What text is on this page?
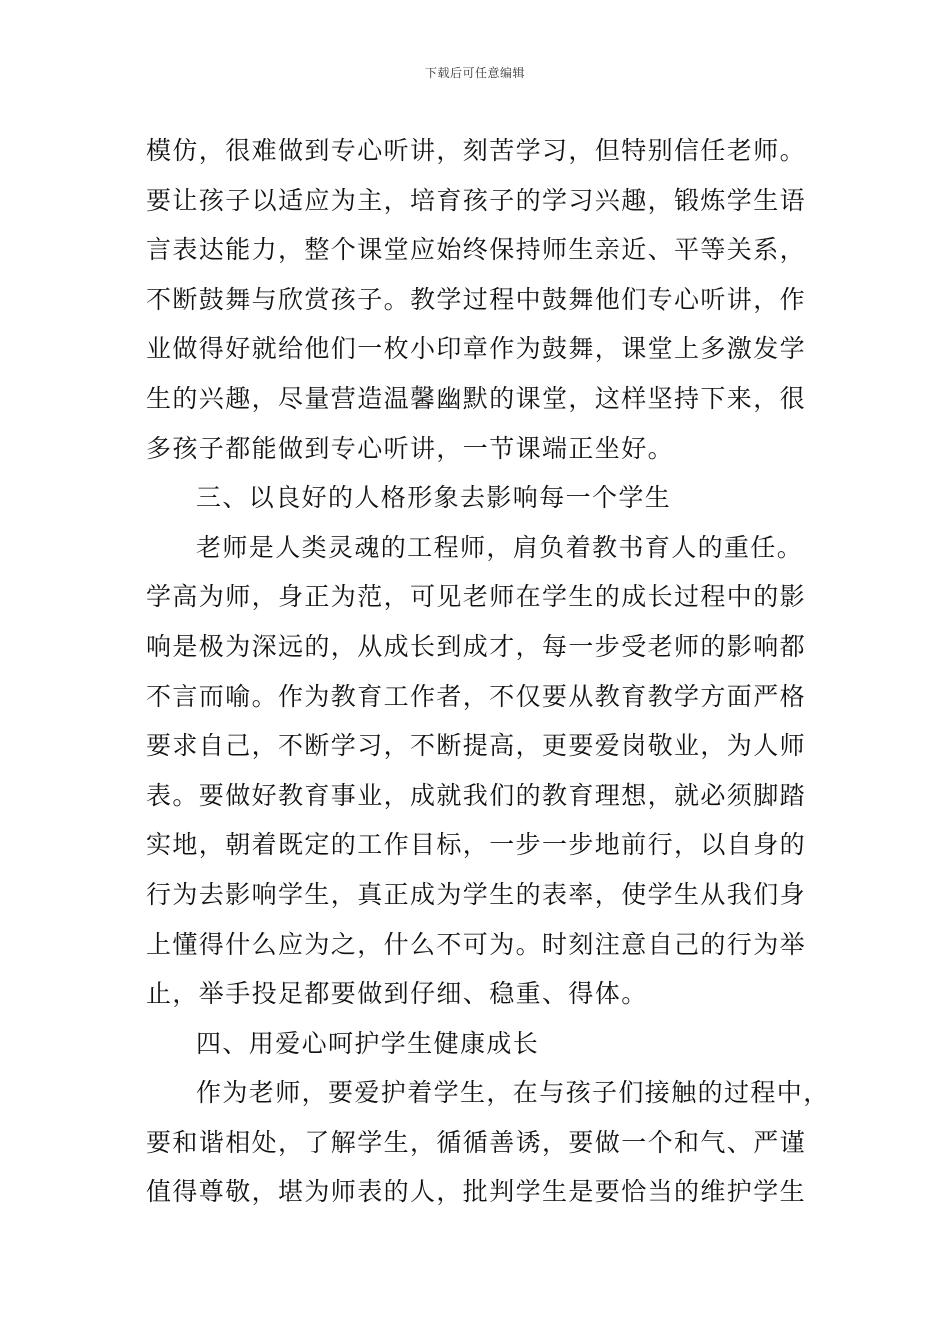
下载后可任意编辑
模仿，很难做到专心听讲，刻苦学习，但特别信任老师。
要让孩子以适应为主，培育孩子的学习兴趣，锻炼学生语
言表达能力，整个课堂应始终保持师生亲近、平等关系，
不断鼓舞与欣赏孩子。教学过程中鼓舞他们专心听讲，作
业做得好就给他们一枚小印章作为鼓舞，课堂上多激发学
生的兴趣，尽量营造温馨幽默的课堂，这样坚持下来，很
多孩子都能做到专心听讲，一节课端正坐好。
三、以良好的人格形象去影响每一个学生
老师是人类灵魂的工程师，肩负着教书育人的重任。
学高为师，身正为范，可见老师在学生的成长过程中的影
响是极为深远的，从成长到成才，每一步受老师的影响都
不言而喻。作为教育工作者，不仅要从教育教学方面严格
要求自己，不断学习，不断提高，更要爱岗敬业，为人师
表。要做好教育事业，成就我们的教育理想，就必须脚踏
实地，朝着既定的工作目标，一步一步地前行，以自身的
行为去影响学生，真正成为学生的表率，使学生从我们身
上懂得什么应为之，什么不可为。时刻注意自己的行为举
止，举手投足都要做到仔细、稳重、得体。
四、用爱心呵护学生健康成长
作为老师，要爱护着学生，在与孩子们接触的过程中，
要和谐相处，了解学生，循循善诱，要做一个和气、严谨
值得尊敬，堪为师表的人，批判学生是要恰当的维护学生
